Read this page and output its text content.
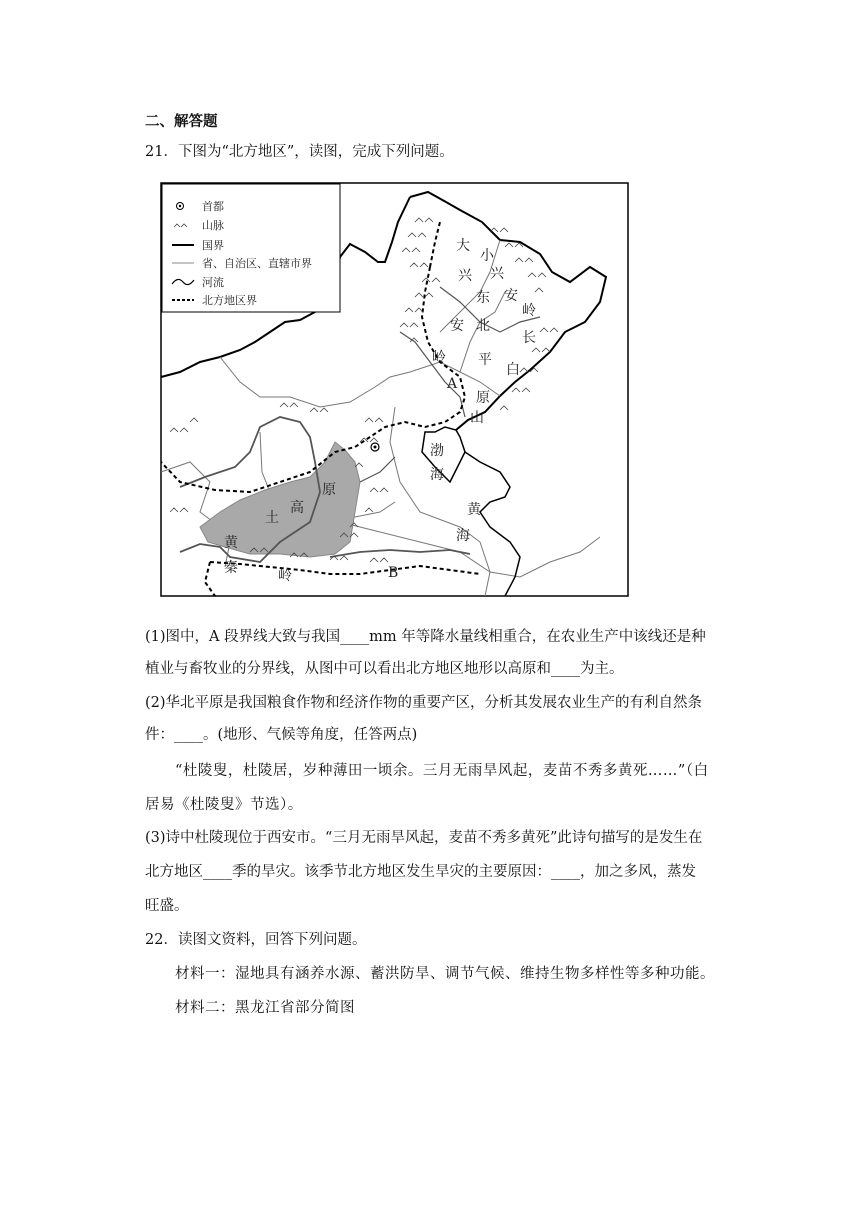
二、解答题
21．下图为“北方地区”，读图，完成下列问题。
首都
山脉
国界
省、自治区、直辖市界
河流
北方地区界
大
兴
安
岭
小
兴
安
岭
东
北
平
原
长
白
山
渤
海
黄
海
A
B
黄
土
高
原
秦	岭
(1)图中，A 段界线大致与我国____mm 年等降水量线相重合，在农业生产中该线还是种
植业与畜牧业的分界线，从图中可以看出北方地区地形以高原和____为主。
(2)华北平原是我国粮食作物和经济作物的重要产区，分析其发展农业生产的有利自然条
件：____。(地形、气候等角度，任答两点)
“杜陵叟，杜陵居，岁种薄田一顷余。三月无雨旱风起，麦苗不秀多黄死……”（白
居易《杜陵叟》节选）。
(3)诗中杜陵现位于西安市。“三月无雨旱风起，麦苗不秀多黄死”此诗句描写的是发生在
北方地区____季的旱灾。该季节北方地区发生旱灾的主要原因：____，加之多风，蒸发
旺盛。
22．读图文资料，回答下列问题。
材料一：湿地具有涵养水源、蓄洪防旱、调节气候、维持生物多样性等多种功能。
材料二：黑龙江省部分简图
